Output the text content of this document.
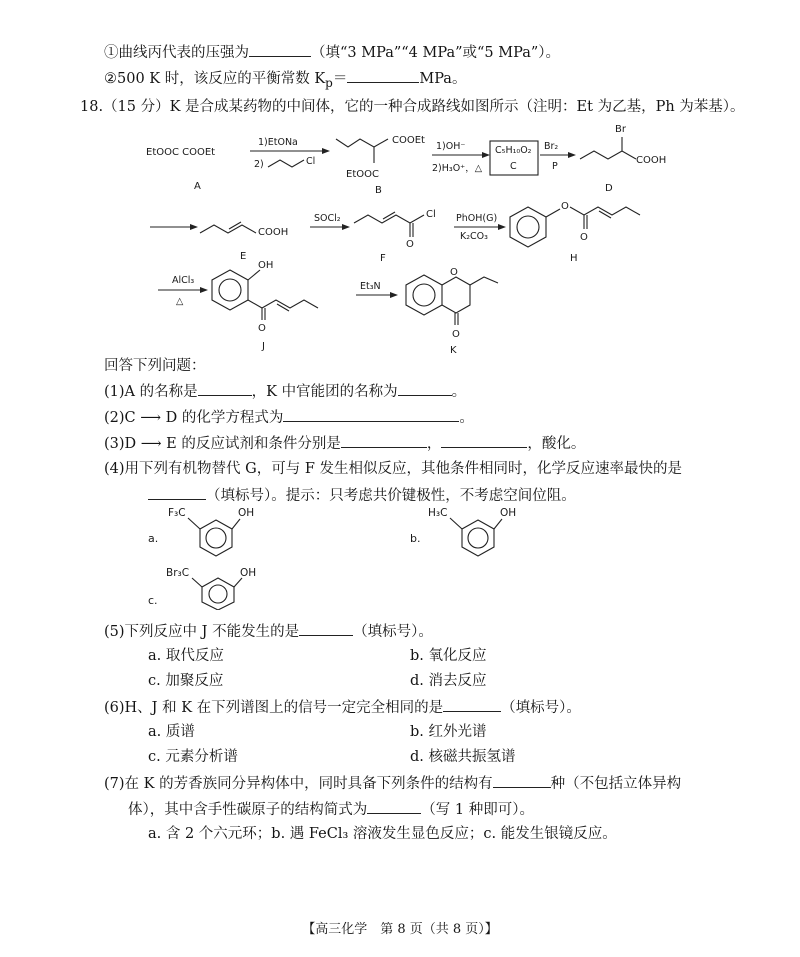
①曲线丙代表的压强为	（填“3 MPa”“4 MPa”或“5 MPa”）。
②500 K 时，该反应的平衡常数 $K_p=$	MPa。
18.（15 分）K 是合成某药物的中间体，它的一种合成路线如图所示（注明：Et 为乙基，Ph 为苯基）。
EtOOC COOEt
A
1)EtONa
2)	Cl
COOEt
EtOOC
B
1)OH⁻
2)H₃O⁺，△
C₅H₁₀O₂
C
Br₂
P
Br
COOH
D
COOH
E
SOCl₂	Cl
O
F
PhOH(G)
K₂CO₃
O
O
H
AlCl₃
△
OH
O
J
Et₃N
O
O
K
回答下列问题：
(1)A 的名称是	，K 中官能团的名称为	。
(2)C ⟶ D 的化学方程式为	。
(3)D ⟶ E 的反应试剂和条件分别是	，	，酸化。
(4)用下列有机物替代 G，可与 F 发生相似反应，其他条件相同时，化学反应速率最快的是
（填标号）。提示：只考虑共价键极性，不考虑空间位阻。
a.
F₃C	OH
b.
H₃C	OH
c.
Br₃C	OH
(5)下列反应中 J 不能发生的是	（填标号）。
a. 取代反应	b. 氧化反应
c. 加聚反应	d. 消去反应
(6)H、J 和 K 在下列谱图上的信号一定完全相同的是	（填标号）。
a. 质谱	b. 红外光谱
c. 元素分析谱	d. 核磁共振氢谱
(7)在 K 的芳香族同分异构体中，同时具备下列条件的结构有	种（不包括立体异构
体），其中含手性碳原子的结构简式为	（写 1 种即可）。
a. 含 2 个六元环；b. 遇 FeCl₃ 溶液发生显色反应；c. 能发生银镜反应。
【高三化学　第 8 页（共 8 页）】
